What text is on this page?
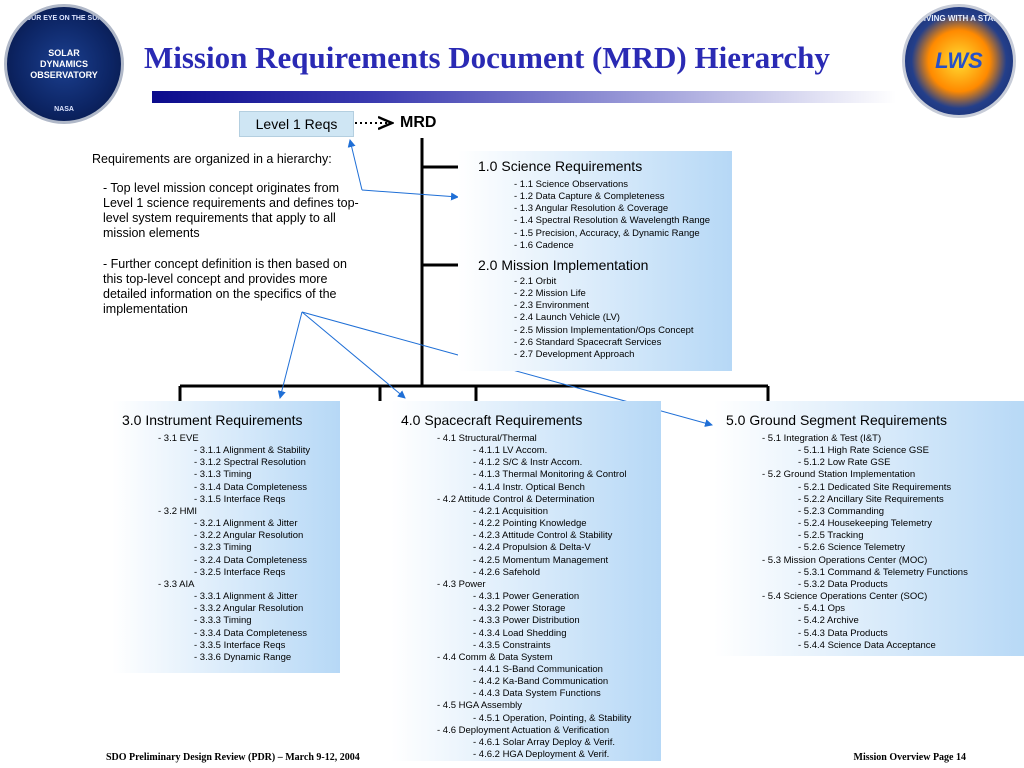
OUR EYE ON THE SUN
SOLAR
DYNAMICS
OBSERVATORY
NASA
LIVING WITH A STAR
LWS
Mission Requirements Document (MRD) Hierarchy
Level 1 Reqs	MRD

Requirements are organized in a hierarchy:

- Top level mission concept originates from Level 1 science requirements and defines top-level system requirements that apply to all mission elements

- Further concept definition is then based on this top-level concept and provides more detailed information on the specifics of the implementation

1.0 Science Requirements
- 1.1 Science Observations
- 1.2 Data Capture & Completeness
- 1.3 Angular Resolution & Coverage
- 1.4 Spectral Resolution & Wavelength Range
- 1.5 Precision, Accuracy, & Dynamic Range
- 1.6 Cadence
2.0 Mission Implementation
- 2.1 Orbit
- 2.2 Mission Life
- 2.3 Environment
- 2.4 Launch Vehicle (LV)
- 2.5 Mission Implementation/Ops Concept
- 2.6 Standard Spacecraft Services
- 2.7 Development Approach
3.0 Instrument Requirements
- 3.1 EVE
- 3.1.1 Alignment & Stability
- 3.1.2 Spectral Resolution
- 3.1.3 Timing
- 3.1.4 Data Completeness
- 3.1.5 Interface Reqs
- 3.2 HMI
- 3.2.1 Alignment & Jitter
- 3.2.2 Angular Resolution
- 3.2.3 Timing
- 3.2.4 Data Completeness
- 3.2.5 Interface Reqs
- 3.3 AIA
- 3.3.1 Alignment & Jitter
- 3.3.2 Angular Resolution
- 3.3.3 Timing
- 3.3.4 Data Completeness
- 3.3.5 Interface Reqs
- 3.3.6 Dynamic Range
4.0 Spacecraft Requirements
- 4.1 Structural/Thermal
- 4.1.1 LV Accom.
- 4.1.2 S/C & Instr Accom.
- 4.1.3 Thermal Monitoring & Control
- 4.1.4 Instr. Optical Bench
- 4.2 Attitude Control & Determination
- 4.2.1 Acquisition
- 4.2.2 Pointing Knowledge
- 4.2.3 Attitude Control & Stability
- 4.2.4 Propulsion & Delta-V
- 4.2.5 Momentum Management
- 4.2.6 Safehold
- 4.3 Power
- 4.3.1 Power Generation
- 4.3.2 Power Storage
- 4.3.3 Power Distribution
- 4.3.4 Load Shedding
- 4.3.5 Constraints
- 4.4 Comm & Data System
- 4.4.1 S-Band Communication
- 4.4.2 Ka-Band Communication
- 4.4.3 Data System Functions
- 4.5 HGA Assembly
- 4.5.1 Operation, Pointing, & Stability
- 4.6 Deployment Actuation & Verification
- 4.6.1 Solar Array Deploy & Verif.
- 4.6.2 HGA Deployment & Verif.
5.0 Ground Segment Requirements
- 5.1 Integration & Test (I&T)
- 5.1.1 High Rate Science GSE
- 5.1.2 Low Rate GSE
- 5.2 Ground Station Implementation
- 5.2.1 Dedicated Site Requirements
- 5.2.2 Ancillary Site Requirements
- 5.2.3 Commanding
- 5.2.4 Housekeeping Telemetry
- 5.2.5 Tracking
- 5.2.6 Science Telemetry
- 5.3 Mission Operations Center (MOC)
- 5.3.1 Command & Telemetry Functions
- 5.3.2 Data Products
- 5.4 Science Operations Center (SOC)
- 5.4.1 Ops
- 5.4.2 Archive
- 5.4.3 Data Products
- 5.4.4 Science Data Acceptance
SDO Preliminary Design Review (PDR) – March 9-12, 2004	Mission Overview Page 14
